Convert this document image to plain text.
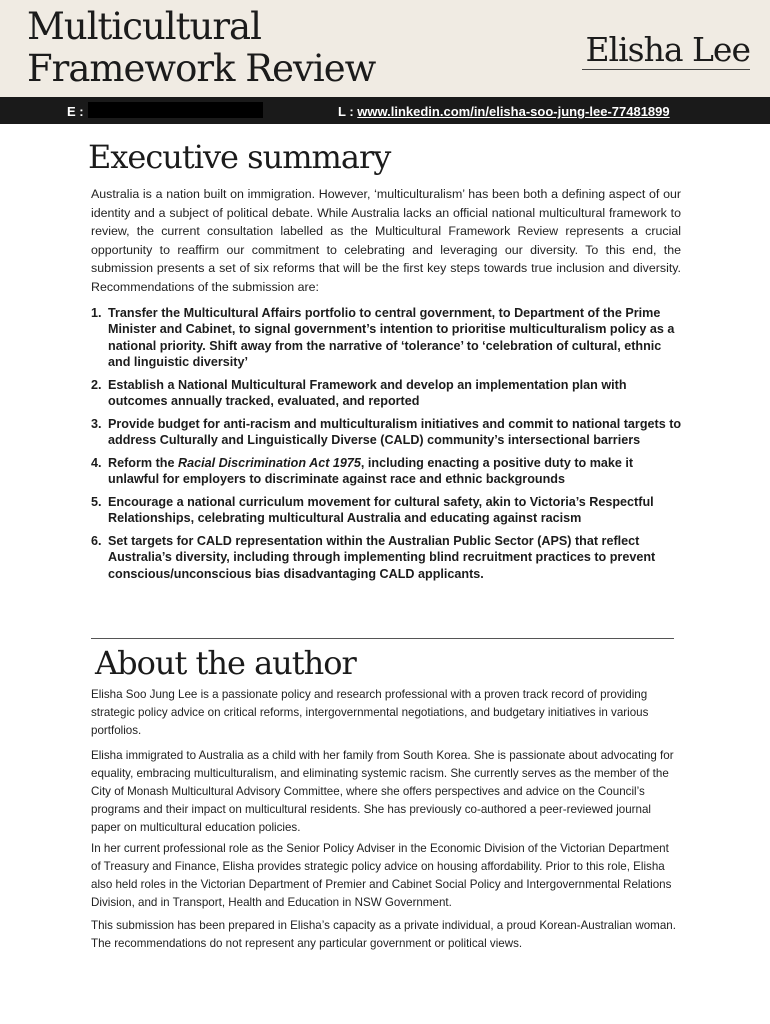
Multicultural
Framework Review	Elisha Lee
E :	L : www.linkedin.com/in/elisha-soo-jung-lee-77481899
Executive summary

Australia is a nation built on immigration. However, ‘multiculturalism’ has been both a defining aspect of our identity and a subject of political debate. While Australia lacks an official national multicultural framework to review, the current consultation labelled as the Multicultural Framework Review represents a crucial opportunity to reaffirm our commitment to celebrating and leveraging our diversity. To this end, the submission presents a set of six reforms that will be the first key steps towards true inclusion and diversity. Recommendations of the submission are:

1. Transfer the Multicultural Affairs portfolio to central government, to Department of the Prime Minister and Cabinet, to signal government’s intention to prioritise multiculturalism policy as a national priority. Shift away from the narrative of ‘tolerance’ to ‘celebration of cultural, ethnic and linguistic diversity’
2. Establish a National Multicultural Framework and develop an implementation plan with outcomes annually tracked, evaluated, and reported
3. Provide budget for anti-racism and multiculturalism initiatives and commit to national targets to address Culturally and Linguistically Diverse (CALD) community’s intersectional barriers
4. Reform the Racial Discrimination Act 1975, including enacting a positive duty to make it unlawful for employers to discriminate against race and ethnic backgrounds
5. Encourage a national curriculum movement for cultural safety, akin to Victoria’s Respectful Relationships, celebrating multicultural Australia and educating against racism
6. Set targets for CALD representation within the Australian Public Sector (APS) that reflect Australia’s diversity, including through implementing blind recruitment practices to prevent conscious/unconscious bias disadvantaging CALD applicants.
About the author

Elisha Soo Jung Lee is a passionate policy and research professional with a proven track record of providing strategic policy advice on critical reforms, intergovernmental negotiations, and budgetary initiatives in various portfolios.

Elisha immigrated to Australia as a child with her family from South Korea. She is passionate about advocating for equality, embracing multiculturalism, and eliminating systemic racism. She currently serves as the member of the City of Monash Multicultural Advisory Committee, where she offers perspectives and advice on the Council’s programs and their impact on multicultural residents. She has previously co-authored a peer-reviewed journal paper on multicultural education policies.

In her current professional role as the Senior Policy Adviser in the Economic Division of the Victorian Department of Treasury and Finance, Elisha provides strategic policy advice on housing affordability. Prior to this role, Elisha also held roles in the Victorian Department of Premier and Cabinet Social Policy and Intergovernmental Relations Division, and in Transport, Health and Education in NSW Government.

This submission has been prepared in Elisha’s capacity as a private individual, a proud Korean-Australian woman. The recommendations do not represent any particular government or political views.
